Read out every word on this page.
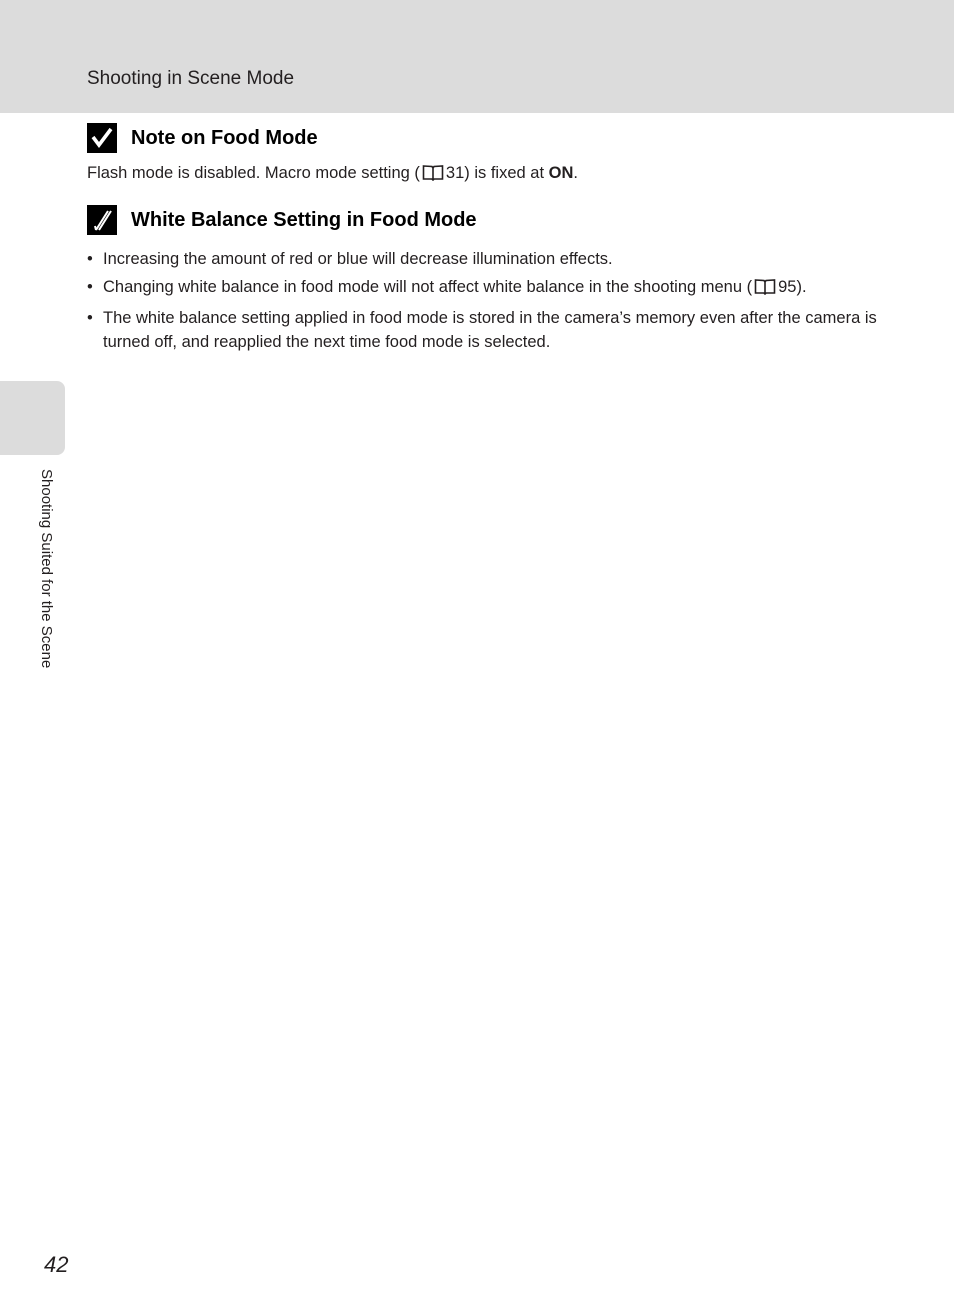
Shooting in Scene Mode
Shooting Suited for the Scene
Note on Food Mode

Flash mode is disabled. Macro mode setting ( 31) is fixed at ON.

White Balance Setting in Food Mode
• Increasing the amount of red or blue will decrease illumination effects.
• Changing white balance in food mode will not affect white balance in the shooting menu ( 95).
• The white balance setting applied in food mode is stored in the camera’s memory even after the camera is turned off, and reapplied the next time food mode is selected.
42
